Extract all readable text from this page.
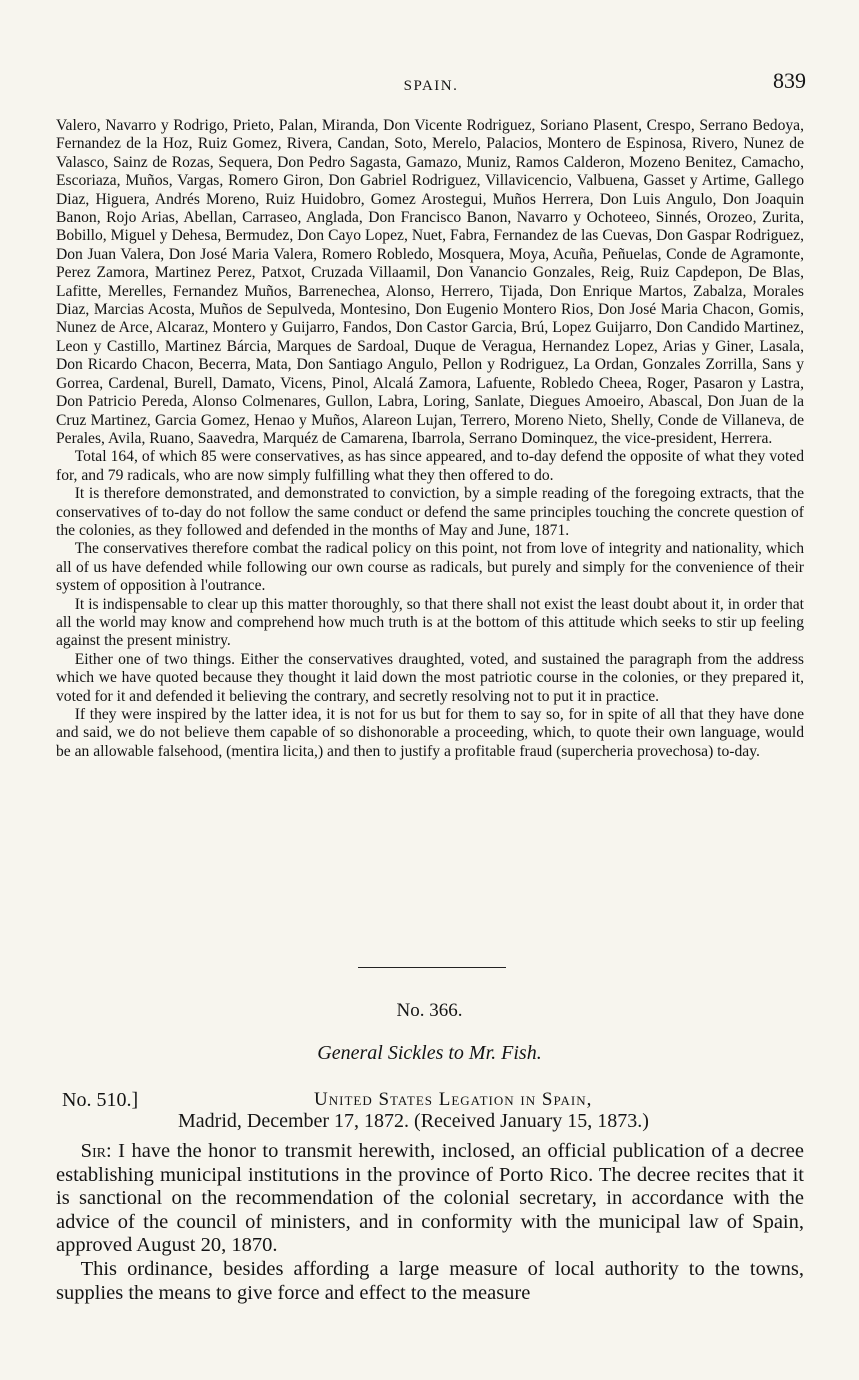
SPAIN.	839

Valero, Navarro y Rodrigo, Prieto, Palan, Miranda, Don Vicente Rodriguez, Soriano Plasent, Crespo, Serrano Bedoya, Fernandez de la Hoz, Ruiz Gomez, Rivera, Candan, Soto, Merelo, Palacios, Montero de Espinosa, Rivero, Nunez de Valasco, Sainz de Rozas, Sequera, Don Pedro Sagasta, Gamazo, Muniz, Ramos Calderon, Mozeno Benitez, Camacho, Escoriaza, Muños, Vargas, Romero Giron, Don Gabriel Rodriguez, Villavicencio, Valbuena, Gasset y Artime, Gallego Diaz, Higuera, Andrés Moreno, Ruiz Huidobro, Gomez Arostegui, Muños Herrera, Don Luis Angulo, Don Joaquin Banon, Rojo Arias, Abellan, Carraseo, Anglada, Don Francisco Banon, Navarro y Ochoteeo, Sinnés, Orozeo, Zurita, Bobillo, Miguel y Dehesa, Bermudez, Don Cayo Lopez, Nuet, Fabra, Fernandez de las Cuevas, Don Gaspar Rodriguez, Don Juan Valera, Don José Maria Valera, Romero Robledo, Mosquera, Moya, Acuña, Peñuelas, Conde de Agramonte, Perez Zamora, Martinez Perez, Patxot, Cruzada Villaamil, Don Vanancio Gonzales, Reig, Ruiz Capdepon, De Blas, Lafitte, Merelles, Fernandez Muños, Barrenechea, Alonso, Herrero, Tijada, Don Enrique Martos, Zabalza, Morales Diaz, Marcias Acosta, Muños de Sepulveda, Montesino, Don Eugenio Montero Rios, Don José Maria Chacon, Gomis, Nunez de Arce, Alcaraz, Montero y Guijarro, Fandos, Don Castor Garcia, Brú, Lopez Guijarro, Don Candido Martinez, Leon y Castillo, Martinez Bárcia, Marques de Sardoal, Duque de Veragua, Hernandez Lopez, Arias y Giner, Lasala, Don Ricardo Chacon, Becerra, Mata, Don Santiago Angulo, Pellon y Rodriguez, La Ordan, Gonzales Zorrilla, Sans y Gorrea, Cardenal, Burell, Damato, Vicens, Pinol, Alcalá Zamora, Lafuente, Robledo Cheea, Roger, Pasaron y Lastra, Don Patricio Pereda, Alonso Colmenares, Gullon, Labra, Loring, Sanlate, Diegues Amoeiro, Abascal, Don Juan de la Cruz Martinez, Garcia Gomez, Henao y Muños, Alareon Lujan, Terrero, Moreno Nieto, Shelly, Conde de Villaneva, de Perales, Avila, Ruano, Saavedra, Marquéz de Camarena, Ibarrola, Serrano Dominquez, the vice-president, Herrera.

Total 164, of which 85 were conservatives, as has since appeared, and to-day defend the opposite of what they voted for, and 79 radicals, who are now simply fulfilling what they then offered to do.

It is therefore demonstrated, and demonstrated to conviction, by a simple reading of the foregoing extracts, that the conservatives of to-day do not follow the same conduct or defend the same principles touching the concrete question of the colonies, as they followed and defended in the months of May and June, 1871.

The conservatives therefore combat the radical policy on this point, not from love of integrity and nationality, which all of us have defended while following our own course as radicals, but purely and simply for the convenience of their system of opposition à l'outrance.

It is indispensable to clear up this matter thoroughly, so that there shall not exist the least doubt about it, in order that all the world may know and comprehend how much truth is at the bottom of this attitude which seeks to stir up feeling against the present ministry.

Either one of two things. Either the conservatives draughted, voted, and sustained the paragraph from the address which we have quoted because they thought it laid down the most patriotic course in the colonies, or they prepared it, voted for it and defended it believing the contrary, and secretly resolving not to put it in practice.

If they were inspired by the latter idea, it is not for us but for them to say so, for in spite of all that they have done and said, we do not believe them capable of so dishonorable a proceeding, which, to quote their own language, would be an allowable falsehood, (mentira licita,) and then to justify a profitable fraud (supercheria provechosa) to-day.

No. 366.
General Sickles to Mr. Fish.
No. 510.]	United States Legation in Spain,
Madrid, December 17, 1872. (Received January 15, 1873.)

Sir: I have the honor to transmit herewith, inclosed, an official publication of a decree establishing municipal institutions in the province of Porto Rico. The decree recites that it is sanctional on the recommendation of the colonial secretary, in accordance with the advice of the council of ministers, and in conformity with the municipal law of Spain, approved August 20, 1870.

This ordinance, besides affording a large measure of local authority to the towns, supplies the means to give force and effect to the measure
